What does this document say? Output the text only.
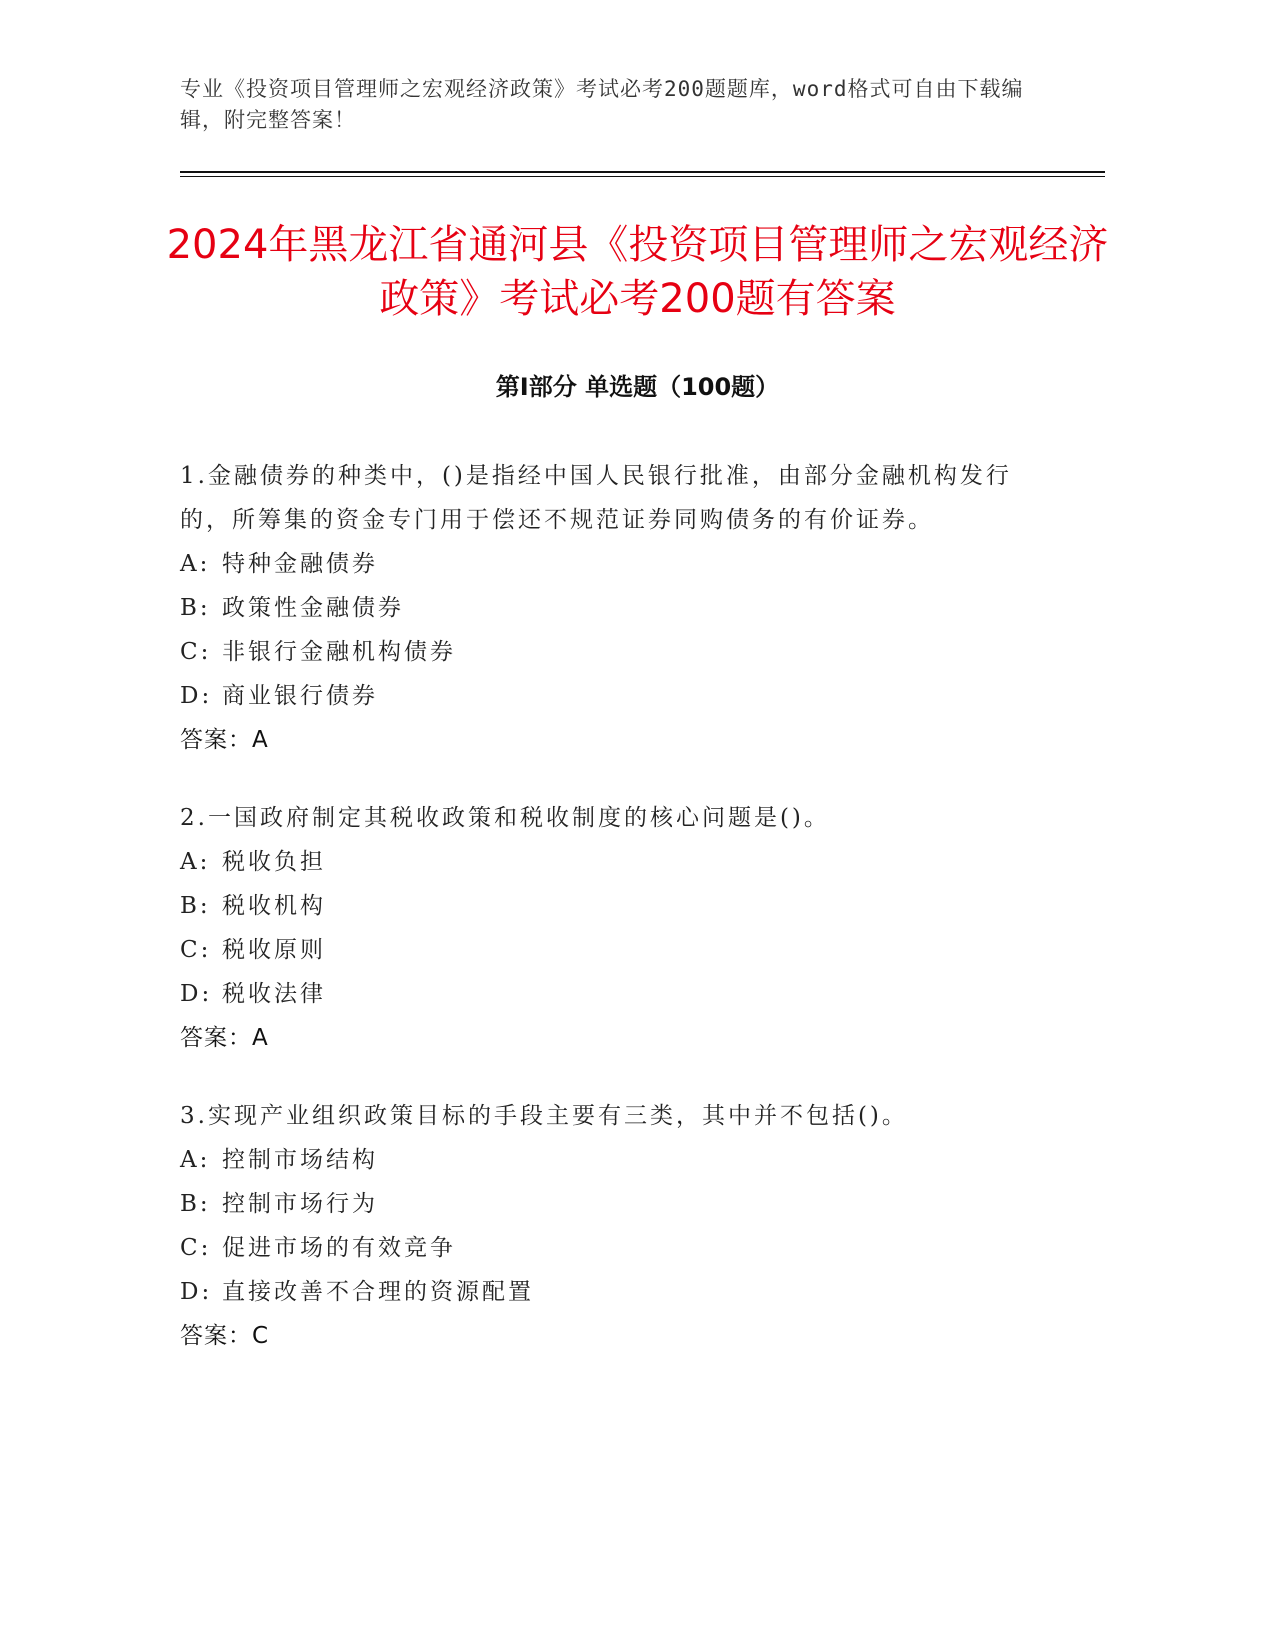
专业《投资项目管理师之宏观经济政策》考试必考200题题库，word格式可自由下载编辑，附完整答案！
2024年黑龙江省通河县《投资项目管理师之宏观经济政策》考试必考200题有答案
第Ⅰ部分 单选题（100题）
1.金融债券的种类中，()是指经中国人民银行批准，由部分金融机构发行的，所筹集的资金专门用于偿还不规范证券同购债务的有价证券。
A: 特种金融债券
B: 政策性金融债券
C: 非银行金融机构债券
D: 商业银行债券
答案：A
2.一国政府制定其税收政策和税收制度的核心问题是()。
A: 税收负担
B: 税收机构
C: 税收原则
D: 税收法律
答案：A
3.实现产业组织政策目标的手段主要有三类，其中并不包括()。
A: 控制市场结构
B: 控制市场行为
C: 促进市场的有效竞争
D: 直接改善不合理的资源配置
答案：C
